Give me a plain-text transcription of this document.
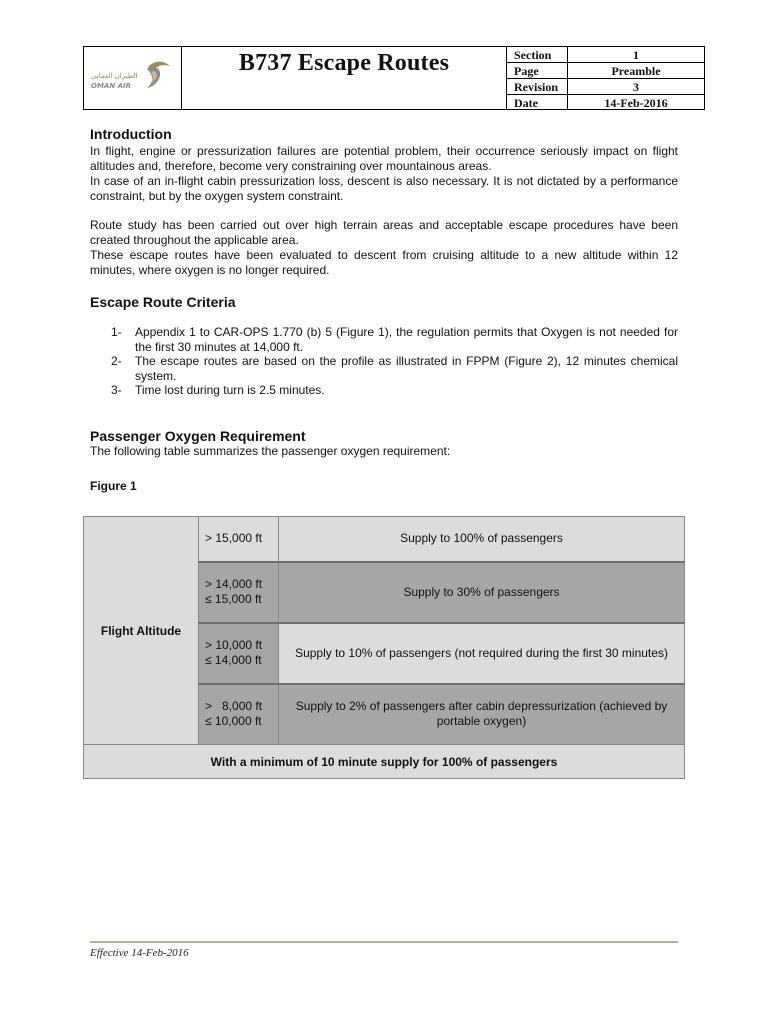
الطيران العماني
OMAN AIR
B737 Escape Routes	Section	1
Page	Preamble
Revision	3
Date	14-Feb-2016
Introduction

In flight, engine or pressurization failures are potential problem, their occurrence seriously impact on flight altitudes and, therefore, become very constraining over mountainous areas.

In case of an in-flight cabin pressurization loss, descent is also necessary. It is not dictated by a performance constraint, but by the oxygen system constraint.

Route study has been carried out over high terrain areas and acceptable escape procedures have been created throughout the applicable area.

These escape routes have been evaluated to descent from cruising altitude to a new altitude within 12 minutes, where oxygen is no longer required.

Escape Route Criteria
1-	Appendix 1 to CAR-OPS 1.770 (b) 5 (Figure 1), the regulation permits that Oxygen is not needed for the first 30 minutes at 14,000 ft.
2-	The escape routes are based on the profile as illustrated in FPPM (Figure 2), 12 minutes chemical system.
3-	Time lost during turn is 2.5 minutes.
Passenger Oxygen Requirement

The following table summarizes the passenger oxygen requirement:

Figure 1
Flight Altitude	> 15,000 ft	Supply to 100% of passengers

	> 14,000 ft
≤ 15,000 ft	Supply to 30% of passengers

	> 10,000 ft
≤ 14,000 ft	Supply to 10% of passengers (not required during the first 30 minutes)

	>   8,000 ft
≤ 10,000 ft	Supply to 2% of passengers after cabin depressurization (achieved by portable oxygen)
With a minimum of 10 minute supply for 100% of passengers		
Effective 14-Feb-2016
